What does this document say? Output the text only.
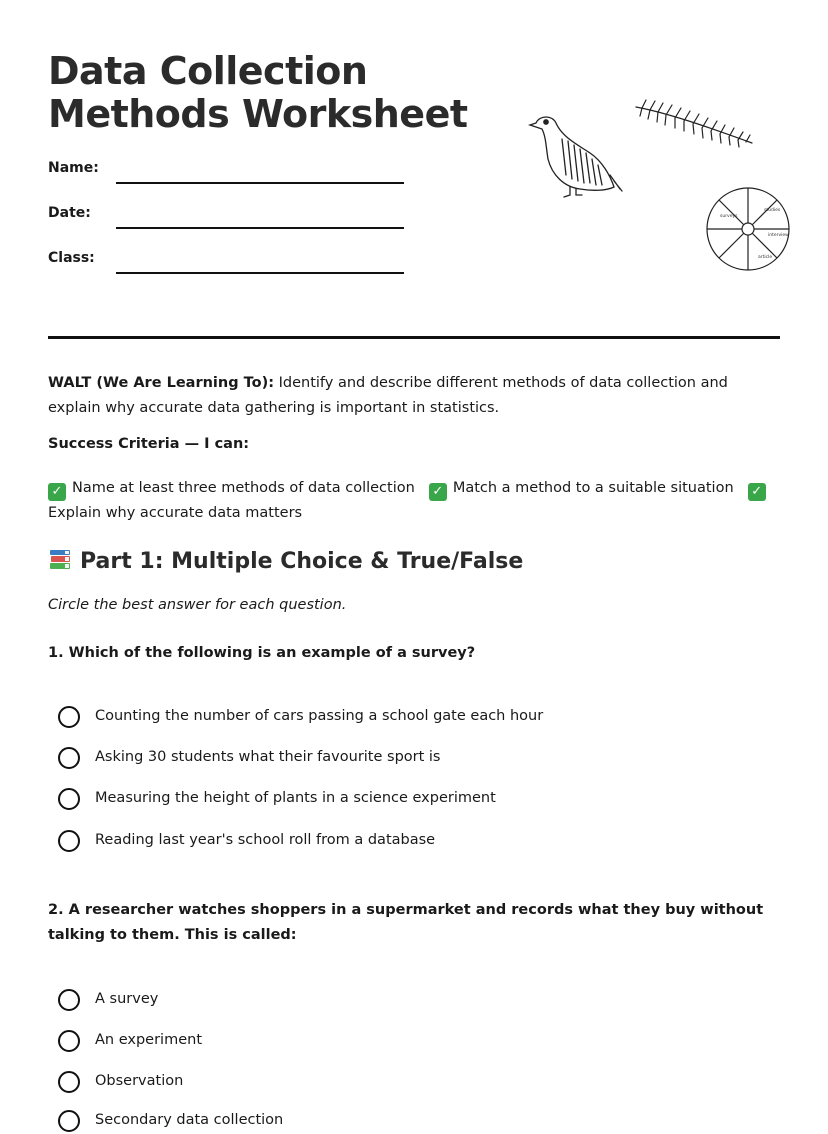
Data Collection
Methods Worksheet
Name:
Date:
Class:
surveys
studies
interview
article
WALT (We Are Learning To): Identify and describe different methods of data collection and explain why accurate data gathering is important in statistics.
Success Criteria — I can:
✓ Name at least three methods of data collection ✓ Match a method to a suitable situation ✓
Explain why accurate data matters
Part 1: Multiple Choice & True/False
Circle the best answer for each question.
1. Which of the following is an example of a survey?
Counting the number of cars passing a school gate each hour
Asking 30 students what their favourite sport is
Measuring the height of plants in a science experiment
Reading last year's school roll from a database
2. A researcher watches shoppers in a supermarket and records what they buy without talking to them. This is called:
A survey
An experiment
Observation
Secondary data collection
